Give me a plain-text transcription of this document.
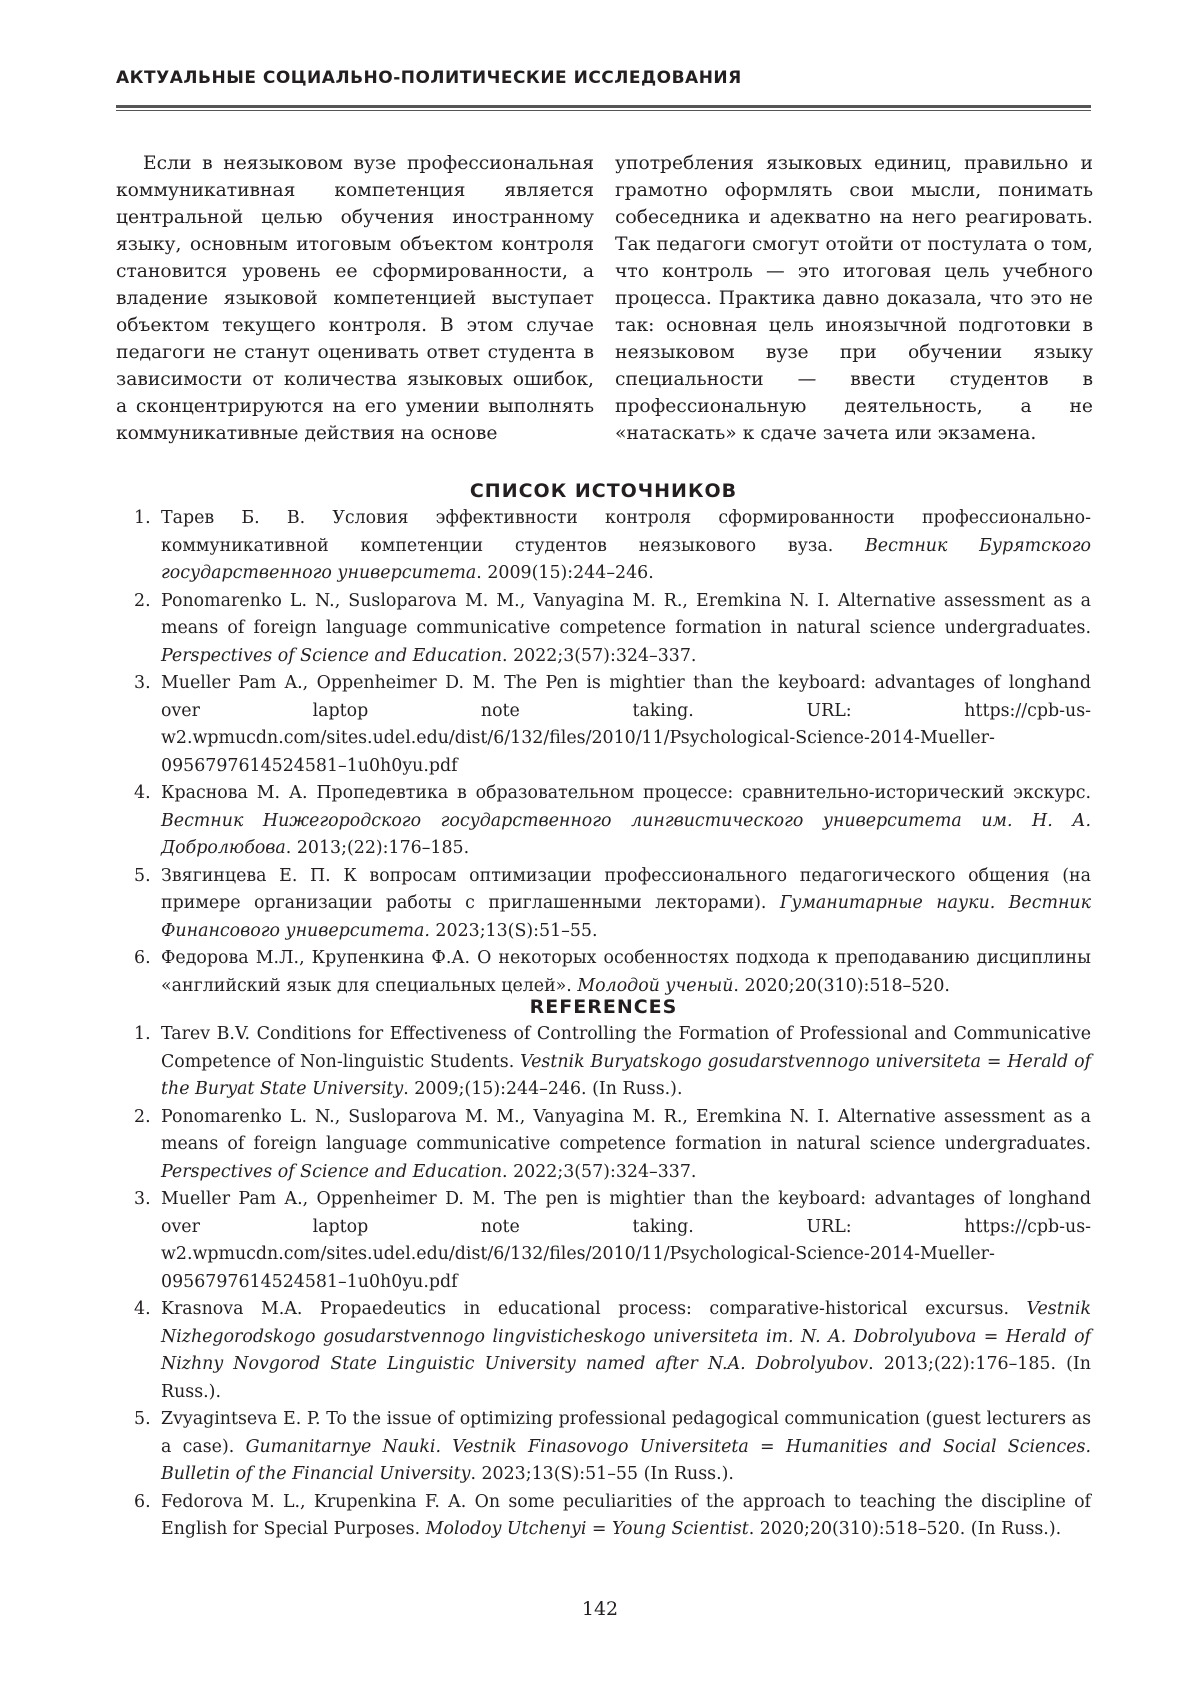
АКТУАЛЬНЫЕ СОЦИАЛЬНО-ПОЛИТИЧЕСКИЕ ИССЛЕДОВАНИЯ

Если в неязыковом вузе профессиональная коммуникативная компетенция является центральной целью обучения иностранному языку, основным итоговым объектом контроля становится уровень ее сформированности, а владение языковой компетенцией выступает объектом текущего контроля. В этом случае педагоги не станут оценивать ответ студента в зависимости от количества языковых ошибок, а сконцентрируются на его умении выполнять коммуникативные действия на основе

употребления языковых единиц, правильно и грамотно оформлять свои мысли, понимать собеседника и адекватно на него реагировать. Так педагоги смогут отойти от постулата о том, что контроль — это итоговая цель учебного процесса. Практика давно доказала, что это не так: основная цель иноязычной подготовки в неязыковом вузе при обучении языку специальности — ввести студентов в профессиональную деятельность, а не «натаскать» к сдаче зачета или экзамена.

СПИСОК ИСТОЧНИКОВ
1. Тарев Б. В. Условия эффективности контроля сформированности профессионально-коммуникативной компетенции студентов неязыкового вуза. Вестник Бурятского государственного университета. 2009(15):244–246.
2. Ponomarenko L. N., Susloparova M. M., Vanyagina M. R., Eremkina N. I. Alternative assessment as a means of foreign language communicative competence formation in natural science undergraduates. Perspectives of Science and Education. 2022;3(57):324–337.
3. Mueller Pam A., Oppenheimer D. M. The Pen is mightier than the keyboard: advantages of longhand over laptop note taking. URL: https://cpb-us-w2.wpmucdn.com/sites.udel.edu/dist/6/132/files/2010/11/Psychological-Science-2014-Mueller-0956797614524581–1u0h0yu.pdf
4. Краснова М. А. Пропедевтика в образовательном процессе: сравнительно-исторический экскурс. Вестник Нижегородского государственного лингвистического университета им. Н. А. Добролюбова. 2013;(22):176–185.
5. Звягинцева Е. П. К вопросам оптимизации профессионального педагогического общения (на примере организации работы с приглашенными лекторами). Гуманитарные науки. Вестник Финансового университета. 2023;13(S):51–55.
6. Федорова М.Л., Крупенкина Ф.А. О некоторых особенностях подхода к преподаванию дисциплины «английский язык для специальных целей». Молодой ученый. 2020;20(310):518–520.
REFERENCES
1. Tarev B.V. Conditions for Effectiveness of Controlling the Formation of Professional and Communicative Competence of Non-linguistic Students. Vestnik Buryatskogo gosudarstvennogo universiteta = Herald of the Buryat State University. 2009;(15):244–246. (In Russ.).
2. Ponomarenko L. N., Susloparova M. M., Vanyagina M. R., Eremkina N. I. Alternative assessment as a means of foreign language communicative competence formation in natural science undergraduates. Perspectives of Science and Education. 2022;3(57):324–337.
3. Mueller Pam A., Oppenheimer D. M. The pen is mightier than the keyboard: advantages of longhand over laptop note taking. URL: https://cpb-us-w2.wpmucdn.com/sites.udel.edu/dist/6/132/files/2010/11/Psychological-Science-2014-Mueller-0956797614524581–1u0h0yu.pdf
4. Krasnova M.A. Propaedeutics in educational process: comparative-historical excursus. Vestnik Nizhegorodskogo gosudarstvennogo lingvisticheskogo universiteta im. N. A. Dobrolyubova = Herald of Nizhny Novgorod State Linguistic University named after N.A. Dobrolyubov. 2013;(22):176–185. (In Russ.).
5. Zvyagintseva E. P. To the issue of optimizing professional pedagogical communication (guest lecturers as a case). Gumanitarnye Nauki. Vestnik Finasovogo Universiteta = Humanities and Social Sciences. Bulletin of the Financial University. 2023;13(S):51–55 (In Russ.).
6. Fedorova M. L., Krupenkina F. A. On some peculiarities of the approach to teaching the discipline of English for Special Purposes. Molodoy Utchenyi = Young Scientist. 2020;20(310):518–520. (In Russ.).
142
